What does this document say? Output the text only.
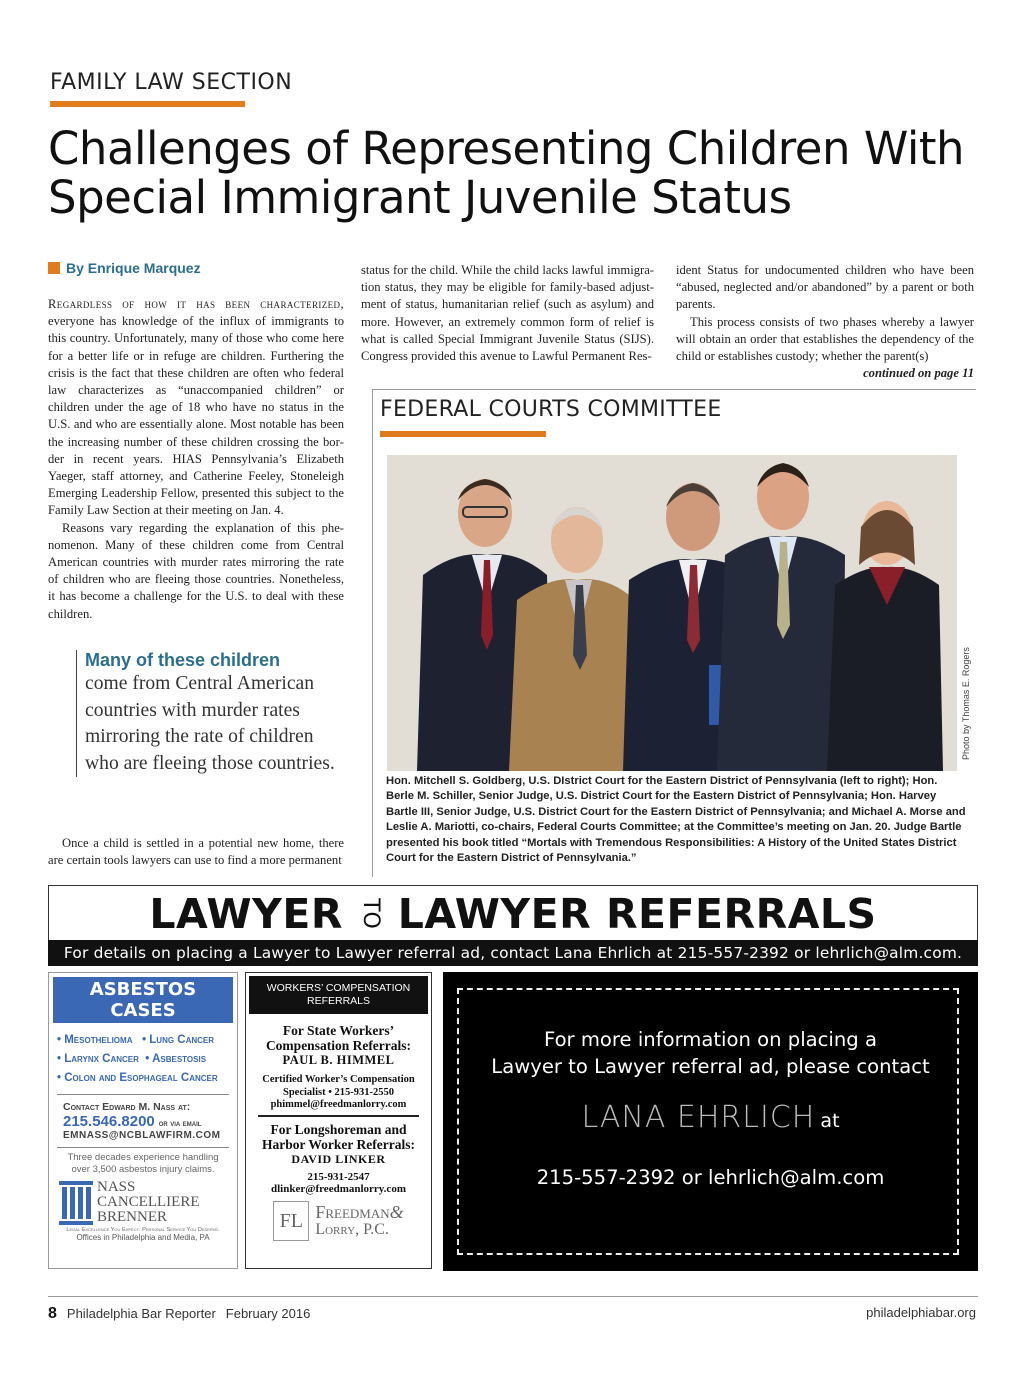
FAMILY LAW SECTION
Challenges of Representing Children With
Special Immigrant Juvenile Status
By Enrique Marquez

Regardless of how it has been characterized, everyone has knowledge of the influx of immigrants to this country. Unfortunately, many of those who come here for a better life or in refuge are children. Furthering the crisis is the fact that these children are often who federal law characterizes as “unaccompanied children” or children under the age of 18 who have no status in the U.S. and who are essentially alone. Most notable has been the increasing number of these children crossing the border in recent years. HIAS Pennsylvania’s Elizabeth Yaeger, staff attorney, and Catherine Feeley, Stoneleigh Emerging Leadership Fellow, presented this subject to the Family Law Section at their meeting on Jan. 4.

Reasons vary regarding the explanation of this phenomenon. Many of these children come from Central American countries with murder rates mirroring the rate of children who are fleeing those countries. Nonetheless, it has become a challenge for the U.S. to deal with these children.

Many of these children
come from Central American countries with murder rates mirroring the rate of children who are fleeing those countries.

Once a child is settled in a potential new home, there are certain tools lawyers can use to find a more permanent

status for the child. While the child lacks lawful immigration status, they may be eligible for family-based adjustment of status, humanitarian relief (such as asylum) and more. However, an extremely common form of relief is what is called Special Immigrant Juvenile Status (SIJS). Congress provided this avenue to Lawful Permanent Res-

ident Status for undocumented children who have been “abused, neglected and/or abandoned” by a parent or both parents.

This process consists of two phases whereby a lawyer will obtain an order that establishes the dependency of the child or establishes custody; whether the parent(s)

continued on page 11

FEDERAL COURTS COMMITTEE
Photo by Thomas E. Rogers
Hon. Mitchell S. Goldberg, U.S. DIstrict Court for the Eastern District of Pennsylvania (left to right); Hon. Berle M. Schiller, Senior Judge, U.S. District Court for the Eastern District of Pennsylvania; Hon. Harvey Bartle III, Senior Judge, U.S. District Court for the Eastern District of Pennsylvania; and Michael A. Morse and Leslie A. Mariotti, co-chairs, Federal Courts Committee; at the Committee’s meeting on Jan. 20. Judge Bartle presented his book titled “Mortals with Tremendous Responsibilities: A History of the United States District Court for the Eastern District of Pennsylvania.”
LAWYER TO LAWYER REFERRALS
For details on placing a Lawyer to Lawyer referral ad, contact Lana Ehrlich at 215-557-2392 or lehrlich@alm.com.
ASBESTOS
CASES
• Mesothelioma • Lung Cancer
• Larynx Cancer • Asbestosis
• Colon and Esophageal Cancer
Contact Edward M. Nass at:
215.546.8200 or via email
EMNASS@NCBLAWFIRM.COM
Three decades experience handling over 3,500 asbestos injury claims.
NASS
CANCELLIERE
BRENNER
Legal Excellence You Expect. Personal Service You Deserve.
Offices in Philadelphia and Media, PA
WORKERS’ COMPENSATION REFERRALS
For State Workers’ Compensation Referrals:
PAUL B. HIMMEL
Certified Worker’s Compensation Specialist • 215-931-2550
phimmel@freedmanlorry.com
For Longshoreman and Harbor Worker Referrals:
DAVID LINKER
215-931-2547
dlinker@freedmanlorry.com
FL Freedman&
Lorry, P.C.
For more information on placing a
Lawyer to Lawyer referral ad, please contact
LANA EHRLICH at
215-557-2392 or lehrlich@alm.com
8 Philadelphia Bar Reporter February 2016	philadelphiabar.org
